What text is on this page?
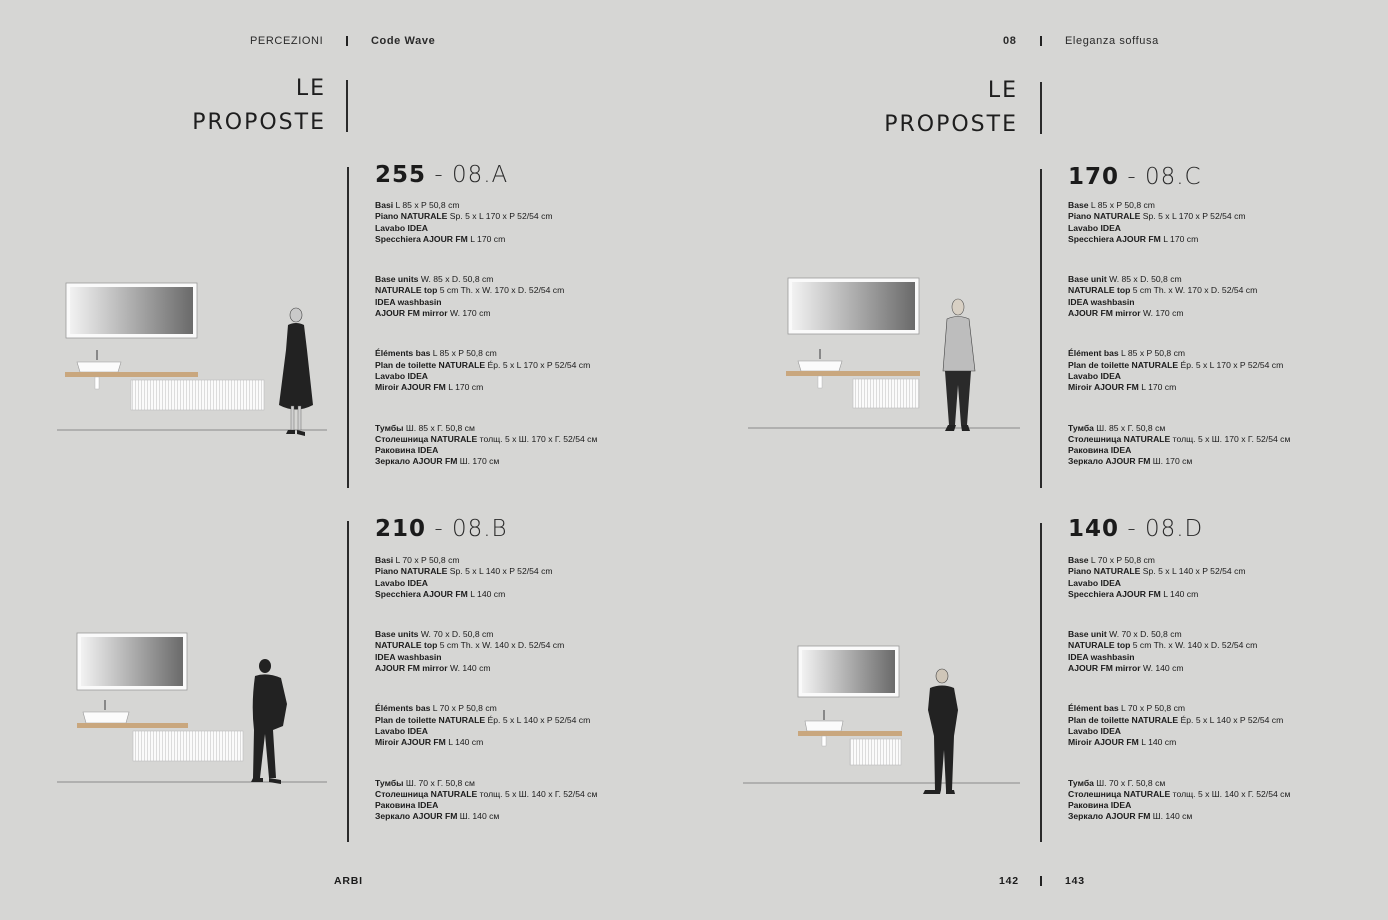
PERCEZIONI	Code Wave	08	Eleganza soffusa
LE
PROPOSTE
LE
PROPOSTE
255 - 08.A
Basi L 85 x P 50,8 cm
Piano NATURALE Sp. 5 x L 170 x P 52/54 cm
Lavabo IDEA
Specchiera AJOUR FM L 170 cm
Base units W. 85 x D. 50,8 cm
NATURALE top 5 cm Th. x W. 170 x D. 52/54 cm
IDEA washbasin
AJOUR FM mirror W. 170 cm
Éléments bas L 85 x P 50,8 cm
Plan de toilette NATURALE Ép. 5 x L 170 x P 52/54 cm
Lavabo IDEA
Miroir AJOUR FM L 170 cm
Тумбы Ш. 85 x Г. 50,8 см
Столешница NATURALE толщ. 5 x Ш. 170 x Г. 52/54 см
Раковина IDEA
Зеркало AJOUR FM Ш. 170 см
210 - 08.B
Basi L 70 x P 50,8 cm
Piano NATURALE Sp. 5 x L 140 x P 52/54 cm
Lavabo IDEA
Specchiera AJOUR FM L 140 cm
Base units W. 70 x D. 50,8 cm
NATURALE top 5 cm Th. x W. 140 x D. 52/54 cm
IDEA washbasin
AJOUR FM mirror W. 140 cm
Éléments bas L 70 x P 50,8 cm
Plan de toilette NATURALE Ép. 5 x L 140 x P 52/54 cm
Lavabo IDEA
Miroir AJOUR FM L 140 cm
Тумбы Ш. 70 x Г. 50,8 см
Столешница NATURALE толщ. 5 x Ш. 140 x Г. 52/54 см
Раковина IDEA
Зеркало AJOUR FM Ш. 140 см
170 - 08.C
Base L 85 x P 50,8 cm
Piano NATURALE Sp. 5 x L 170 x P 52/54 cm
Lavabo IDEA
Specchiera AJOUR FM L 170 cm
Base unit W. 85 x D. 50,8 cm
NATURALE top 5 cm Th. x W. 170 x D. 52/54 cm
IDEA washbasin
AJOUR FM mirror W. 170 cm
Élément bas L 85 x P 50,8 cm
Plan de toilette NATURALE Ép. 5 x L 170 x P 52/54 cm
Lavabo IDEA
Miroir AJOUR FM L 170 cm
Тумба Ш. 85 x Г. 50,8 см
Столешница NATURALE толщ. 5 x Ш. 170 x Г. 52/54 см
Раковина IDEA
Зеркало AJOUR FM Ш. 170 см
140 - 08.D
Base L 70 x P 50,8 cm
Piano NATURALE Sp. 5 x L 140 x P 52/54 cm
Lavabo IDEA
Specchiera AJOUR FM L 140 cm
Base unit W. 70 x D. 50,8 cm
NATURALE top 5 cm Th. x W. 140 x D. 52/54 cm
IDEA washbasin
AJOUR FM mirror W. 140 cm
Élément bas L 70 x P 50,8 cm
Plan de toilette NATURALE Ép. 5 x L 140 x P 52/54 cm
Lavabo IDEA
Miroir AJOUR FM L 140 cm
Тумба Ш. 70 x Г. 50,8 см
Столешница NATURALE толщ. 5 x Ш. 140 x Г. 52/54 см
Раковина IDEA
Зеркало AJOUR FM Ш. 140 см
ARBI	142	143
